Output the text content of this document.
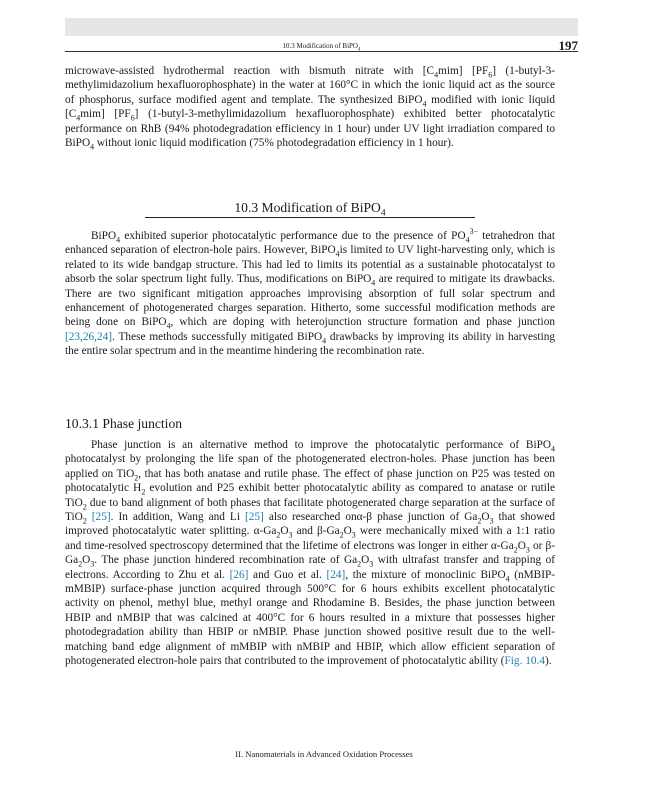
10.3 Modification of BiPO$_4$	197

microwave-assisted hydrothermal reaction with bismuth nitrate with $[C_4mim]$ $[PF_6]$ (1-butyl-3-methylimidazolium hexafluorophosphate) in the water at 160°C in which the ionic liquid act as the source of phosphorus, surface modified agent and template. The synthesized BiPO$_4$ modified with ionic liquid $[C_4mim]$ $[PF_6]$ (1-butyl-3-methylimidazolium hexafluorophosphate) exhibited better photocatalytic performance on RhB (94% photodegradation efficiency in 1 hour) under UV light irradiation compared to BiPO$_4$ without ionic liquid modification (75% photodegradation efficiency in 1 hour).

10.3 Modification of BiPO$_4$

BiPO$_4$ exhibited superior photocatalytic performance due to the presence of $PO_4^{3-}$ tetrahedron that enhanced separation of electron-hole pairs. However, BiPO$_4$is limited to UV light-harvesting only, which is related to its wide bandgap structure. This had led to limits its potential as a sustainable photocatalyst to absorb the solar spectrum light fully. Thus, modifications on BiPO$_4$ are required to mitigate its drawbacks. There are two significant mitigation approaches improvising absorption of full solar spectrum and enhancement of photogenerated charges separation. Hitherto, some successful modification methods are being done on BiPO$_4$, which are doping with heterojunction structure formation and phase junction [23,26,24]. These methods successfully mitigated BiPO$_4$ drawbacks by improving its ability in harvesting the entire solar spectrum and in the meantime hindering the recombination rate.

10.3.1 Phase junction

Phase junction is an alternative method to improve the photocatalytic performance of BiPO$_4$ photocatalyst by prolonging the life span of the photogenerated electron-holes. Phase junction has been applied on TiO$_2$, that has both anatase and rutile phase. The effect of phase junction on P25 was tested on photocatalytic $H_2$ evolution and P25 exhibit better photocatalytic ability as compared to anatase or rutile TiO$_2$ due to band alignment of both phases that facilitate photogenerated charge separation at the surface of TiO$_2$ [25]. In addition, Wang and Li [25] also researched onα-β phase junction of $Ga_2O_3$ that showed improved photocatalytic water splitting. $\alpha-Ga_2O_3$ and $\beta-Ga_2O_3$ were mechanically mixed with a 1:1 ratio and time-resolved spectroscopy determined that the lifetime of electrons was longer in either $\alpha-Ga_2O_3$ or $\beta-Ga_2O_3$. The phase junction hindered recombination rate of $Ga_2O_3$ with ultrafast transfer and trapping of electrons. According to Zhu et al. [26] and Guo et al. [24], the mixture of monoclinic BiPO$_4$ (nMBIP-mMBIP) surface-phase junction acquired through 500°C for 6 hours exhibits excellent photocatalytic activity on phenol, methyl blue, methyl orange and Rhodamine B. Besides, the phase junction between HBIP and nMBIP that was calcined at 400°C for 6 hours resulted in a mixture that possesses higher photodegradation ability than HBIP or nMBIP. Phase junction showed positive result due to the well-matching band edge alignment of mMBIP with nMBIP and HBIP, which allow efficient separation of photogenerated electron-hole pairs that contributed to the improvement of photocatalytic ability (Fig. 10.4).

II. Nanomaterials in Advanced Oxidation Processes
